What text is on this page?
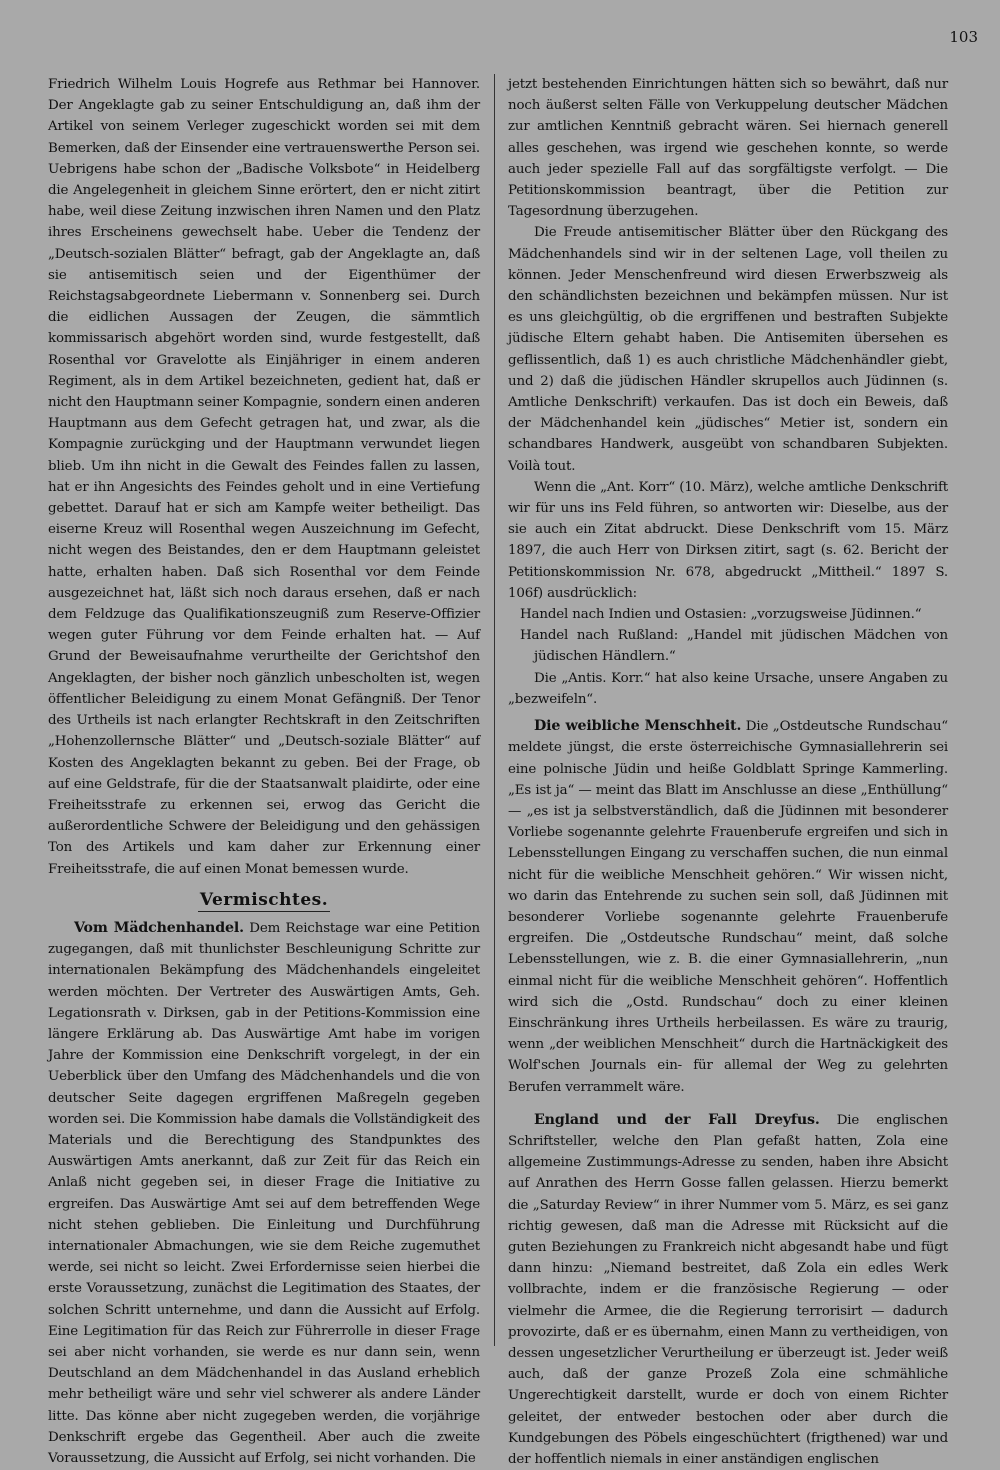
103

Friedrich Wilhelm Louis Hogrefe aus Rethmar bei Hannover. Der Angeklagte gab zu seiner Entschuldigung an, daß ihm der Artikel von seinem Verleger zugeschickt worden sei mit dem Bemerken, daß der Einsender eine vertrauenswerthe Person sei. Uebrigens habe schon der „Badische Volksbote“ in Heidelberg die Angelegenheit in gleichem Sinne erörtert, den er nicht zitirt habe, weil diese Zeitung inzwischen ihren Namen und den Platz ihres Erscheinens gewechselt habe. Ueber die Tendenz der „Deutsch-sozialen Blätter“ befragt, gab der Angeklagte an, daß sie antisemitisch seien und der Eigenthümer der Reichstagsabgeordnete Liebermann v. Sonnenberg sei. Durch die eidlichen Aussagen der Zeugen, die sämmtlich kommissarisch abgehört worden sind, wurde festgestellt, daß Rosenthal vor Gravelotte als Einjähriger in einem anderen Regiment, als in dem Artikel bezeichneten, gedient hat, daß er nicht den Hauptmann seiner Kompagnie, sondern einen anderen Hauptmann aus dem Gefecht getragen hat, und zwar, als die Kompagnie zurückging und der Hauptmann verwundet liegen blieb. Um ihn nicht in die Gewalt des Feindes fallen zu lassen, hat er ihn Angesichts des Feindes geholt und in eine Vertiefung gebettet. Darauf hat er sich am Kampfe weiter betheiligt. Das eiserne Kreuz will Rosenthal wegen Auszeichnung im Gefecht, nicht wegen des Beistandes, den er dem Hauptmann geleistet hatte, erhalten haben. Daß sich Rosenthal vor dem Feinde ausgezeichnet hat, läßt sich noch daraus ersehen, daß er nach dem Feldzuge das Qualifikationszeugniß zum Reserve-Offizier wegen guter Führung vor dem Feinde erhalten hat. — Auf Grund der Beweisaufnahme verurtheilte der Gerichtshof den Angeklagten, der bisher noch gänzlich unbescholten ist, wegen öffentlicher Beleidigung zu einem Monat Gefängniß. Der Tenor des Urtheils ist nach erlangter Rechtskraft in den Zeitschriften „Hohenzollernsche Blätter“ und „Deutsch-soziale Blätter“ auf Kosten des Angeklagten bekannt zu geben. Bei der Frage, ob auf eine Geldstrafe, für die der Staatsanwalt plaidirte, oder eine Freiheitsstrafe zu erkennen sei, erwog das Gericht die außerordentliche Schwere der Beleidigung und den gehässigen Ton des Artikels und kam daher zur Erkennung einer Freiheitsstrafe, die auf einen Monat bemessen wurde.

Vermischtes.

Vom Mädchenhandel. Dem Reichstage war eine Petition zugegangen, daß mit thunlichster Beschleunigung Schritte zur internationalen Bekämpfung des Mädchenhandels eingeleitet werden möchten. Der Vertreter des Auswärtigen Amts, Geh. Legationsrath v. Dirksen, gab in der Petitions-Kommission eine längere Erklärung ab. Das Auswärtige Amt habe im vorigen Jahre der Kommission eine Denkschrift vorgelegt, in der ein Ueberblick über den Umfang des Mädchenhandels und die von deutscher Seite dagegen ergriffenen Maßregeln gegeben worden sei. Die Kommission habe damals die Vollständigkeit des Materials und die Berechtigung des Standpunktes des Auswärtigen Amts anerkannt, daß zur Zeit für das Reich ein Anlaß nicht gegeben sei, in dieser Frage die Initiative zu ergreifen. Das Auswärtige Amt sei auf dem betreffenden Wege nicht stehen geblieben. Die Einleitung und Durchführung internationaler Abmachungen, wie sie dem Reiche zugemuthet werde, sei nicht so leicht. Zwei Erfordernisse seien hierbei die erste Voraussetzung, zunächst die Legitimation des Staates, der solchen Schritt unternehme, und dann die Aussicht auf Erfolg. Eine Legitimation für das Reich zur Führerrolle in dieser Frage sei aber nicht vorhanden, sie werde es nur dann sein, wenn Deutschland an dem Mädchenhandel in das Ausland erheblich mehr betheiligt wäre und sehr viel schwerer als andere Länder litte. Das könne aber nicht zugegeben werden, die vorjährige Denkschrift ergebe das Gegentheil. Aber auch die zweite Voraussetzung, die Aussicht auf Erfolg, sei nicht vorhanden. Die

jetzt bestehenden Einrichtungen hätten sich so bewährt, daß nur noch äußerst selten Fälle von Verkuppelung deutscher Mädchen zur amtlichen Kenntniß gebracht wären. Sei hiernach generell alles geschehen, was irgend wie geschehen konnte, so werde auch jeder spezielle Fall auf das sorgfältigste verfolgt. — Die Petitionskommission beantragt, über die Petition zur Tagesordnung überzugehen.

Die Freude antisemitischer Blätter über den Rückgang des Mädchenhandels sind wir in der seltenen Lage, voll theilen zu können. Jeder Menschenfreund wird diesen Erwerbszweig als den schändlichsten bezeichnen und bekämpfen müssen. Nur ist es uns gleichgültig, ob die ergriffenen und bestraften Subjekte jüdische Eltern gehabt haben. Die Antisemiten übersehen es geflissentlich, daß 1) es auch christliche Mädchenhändler giebt, und 2) daß die jüdischen Händler skrupellos auch Jüdinnen (s. Amtliche Denkschrift) verkaufen. Das ist doch ein Beweis, daß der Mädchenhandel kein „jüdisches“ Metier ist, sondern ein schandbares Handwerk, ausgeübt von schandbaren Subjekten. Voilà tout.

Wenn die „Ant. Korr“ (10. März), welche amtliche Denkschrift wir für uns ins Feld führen, so antworten wir: Dieselbe, aus der sie auch ein Zitat abdruckt. Diese Denkschrift vom 15. März 1897, die auch Herr von Dirksen zitirt, sagt (s. 62. Bericht der Petitionskommission Nr. 678, abgedruckt „Mittheil.“ 1897 S. 106f) ausdrücklich:

Handel nach Indien und Ostasien: „vorzugsweise Jüdinnen.“

Handel nach Rußland: „Handel mit jüdischen Mädchen von jüdischen Händlern.“

Die „Antis. Korr.“ hat also keine Ursache, unsere Angaben zu „bezweifeln“.

Die weibliche Menschheit. Die „Ostdeutsche Rundschau“ meldete jüngst, die erste österreichische Gymnasiallehrerin sei eine polnische Jüdin und heiße Goldblatt Springe Kammerling. „Es ist ja“ — meint das Blatt im Anschlusse an diese „Enthüllung“ — „es ist ja selbstverständlich, daß die Jüdinnen mit besonderer Vorliebe sogenannte gelehrte Frauenberufe ergreifen und sich in Lebensstellungen Eingang zu verschaffen suchen, die nun einmal nicht für die weibliche Menschheit gehören.“ Wir wissen nicht, wo darin das Entehrende zu suchen sein soll, daß Jüdinnen mit besonderer Vorliebe sogenannte gelehrte Frauenberufe ergreifen. Die „Ostdeutsche Rundschau“ meint, daß solche Lebensstellungen, wie z. B. die einer Gymnasiallehrerin, „nun einmal nicht für die weibliche Menschheit gehören“. Hoffentlich wird sich die „Ostd. Rundschau“ doch zu einer kleinen Einschränkung ihres Urtheils herbeilassen. Es wäre zu traurig, wenn „der weiblichen Menschheit“ durch die Hartnäckigkeit des Wolf'schen Journals ein- für allemal der Weg zu gelehrten Berufen verrammelt wäre.

England und der Fall Dreyfus. Die englischen Schriftsteller, welche den Plan gefaßt hatten, Zola eine allgemeine Zustimmungs-Adresse zu senden, haben ihre Absicht auf Anrathen des Herrn Gosse fallen gelassen. Hierzu bemerkt die „Saturday Review“ in ihrer Nummer vom 5. März, es sei ganz richtig gewesen, daß man die Adresse mit Rücksicht auf die guten Beziehungen zu Frankreich nicht abgesandt habe und fügt dann hinzu: „Niemand bestreitet, daß Zola ein edles Werk vollbrachte, indem er die französische Regierung — oder vielmehr die Armee, die die Regierung terrorisirt — dadurch provozirte, daß er es übernahm, einen Mann zu vertheidigen, von dessen ungesetzlicher Verurtheilung er überzeugt ist. Jeder weiß auch, daß der ganze Prozeß Zola eine schmähliche Ungerechtigkeit darstellt, wurde er doch von einem Richter geleitet, der entweder bestochen oder aber durch die Kundgebungen des Pöbels eingeschüchtert (frigthened) war und der hoffentlich niemals in einer anständigen englischen
